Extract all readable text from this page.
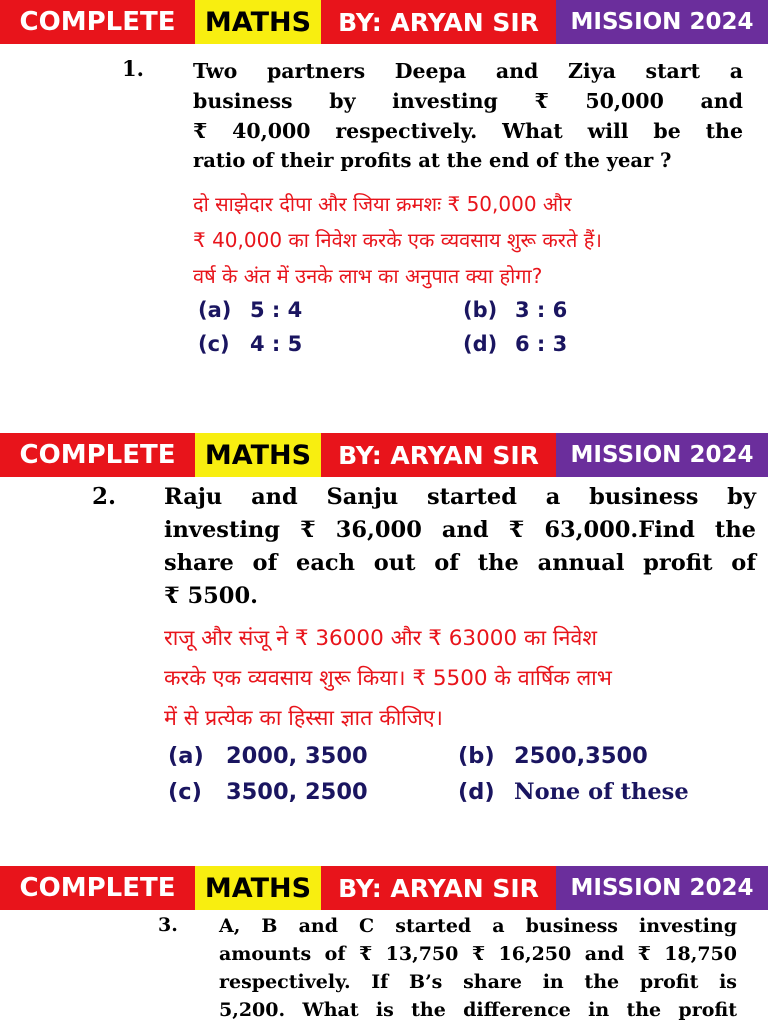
COMPLETE	MATHS	BY: ARYAN SIR	MISSION 2024
1. Two partners Deepa and Ziya start a
business by investing ₹ 50,000 and
₹ 40,000 respectively. What will be the
ratio of their profits at the end of the year ?
दो साझेदार दीपा और जिया क्रमशः ₹ 50,000 और
₹ 40,000 का निवेश करके एक व्यवसाय शुरू करते हैं।
वर्ष के अंत में उनके लाभ का अनुपात क्या होगा?
(a) 5 : 4	(b) 3 : 6
(c) 4 : 5	(d) 6 : 3
COMPLETE	MATHS	BY: ARYAN SIR	MISSION 2024
2. Raju and Sanju started a business by
investing ₹ 36,000 and ₹ 63,000.Find the
share of each out of the annual profit of
₹ 5500.
राजू और संजू ने ₹ 36000 और ₹ 63000 का निवेश
करके एक व्यवसाय शुरू किया। ₹ 5500 के वार्षिक लाभ
में से प्रत्येक का हिस्सा ज्ञात कीजिए।
(a) 2000, 3500	(b) 2500,3500
(c)	3500, 2500	(d) None of these
COMPLETE	MATHS	BY: ARYAN SIR	MISSION 2024
3. A, B and C started a business investing
amounts of ₹ 13,750 ₹ 16,250 and ₹ 18,750
respectively. If B’s share in the profit is
5,200. What is the difference in the profit
